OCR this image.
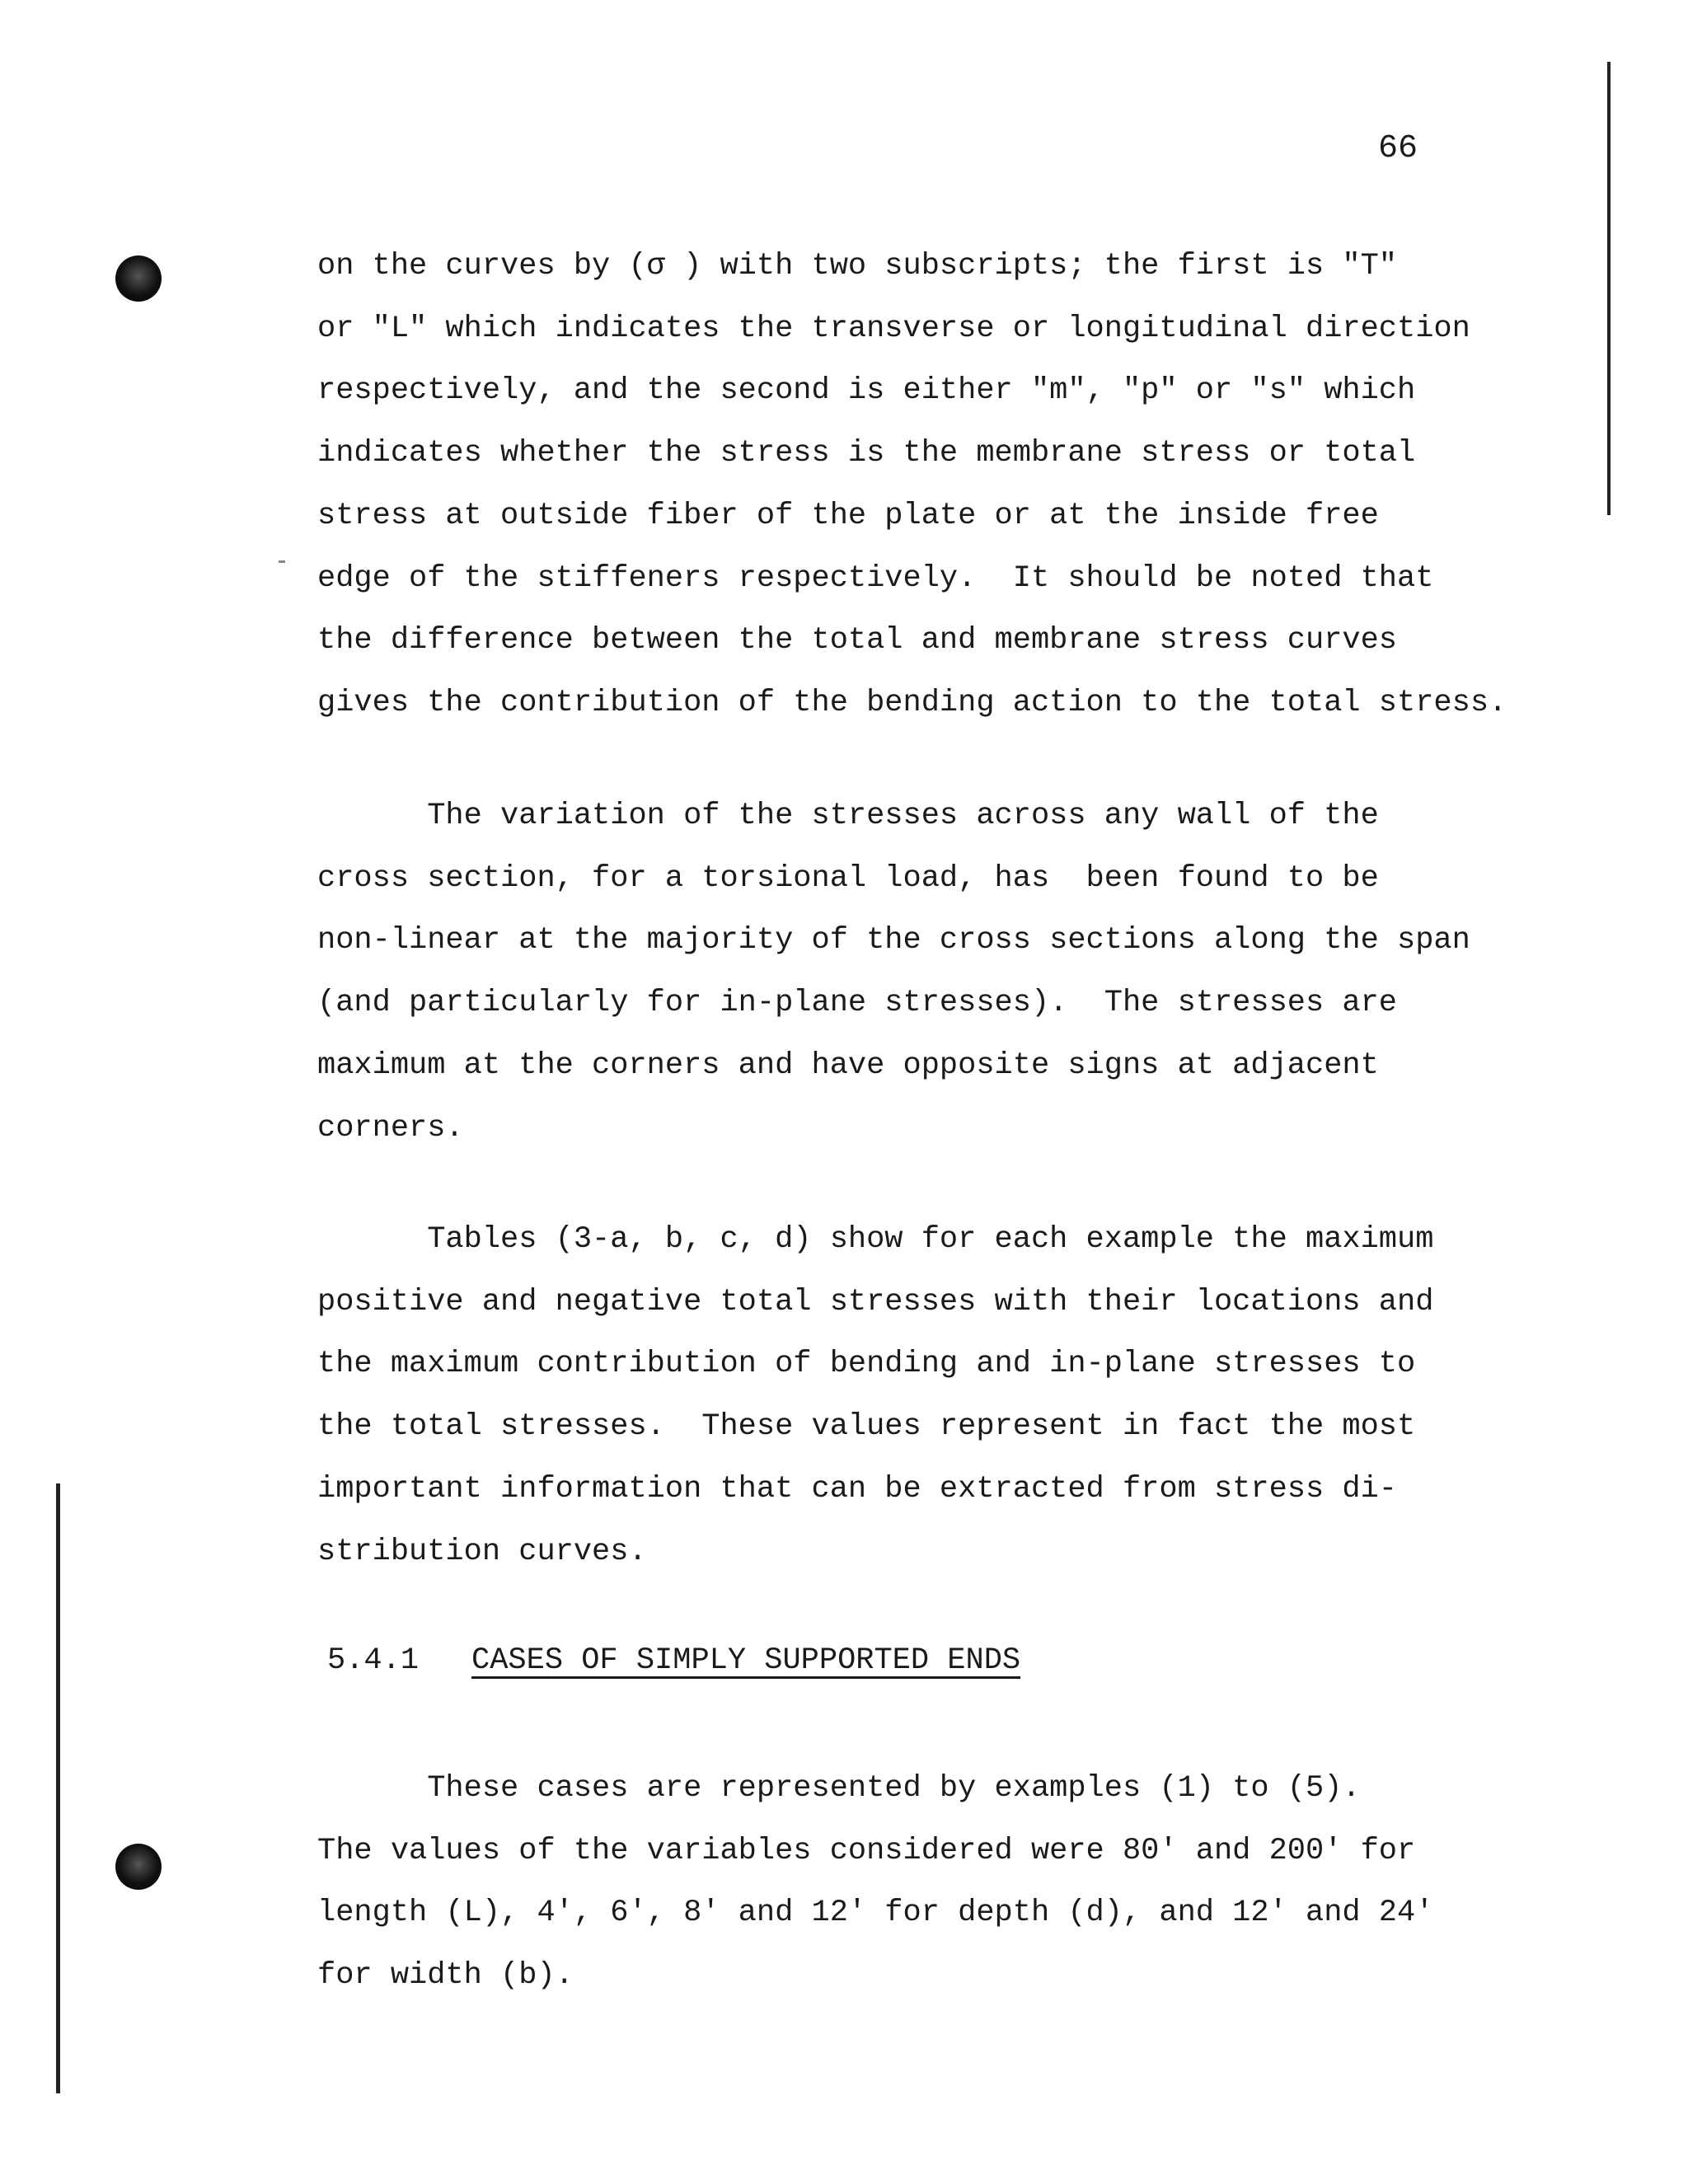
66
on the curves by (σ ) with two subscripts; the first is "T"
or "L" which indicates the transverse or longitudinal direction
respectively, and the second is either "m", "p" or "s" which
indicates whether the stress is the membrane stress or total
stress at outside fiber of the plate or at the inside free
edge of the stiffeners respectively.  It should be noted that
the difference between the total and membrane stress curves
gives the contribution of the bending action to the total stress.
The variation of the stresses across any wall of the
cross section, for a torsional load, has  been found to be
non-linear at the majority of the cross sections along the span
(and particularly for in-plane stresses).  The stresses are
maximum at the corners and have opposite signs at adjacent
corners.
Tables (3-a, b, c, d) show for each example the maximum
positive and negative total stresses with their locations and
the maximum contribution of bending and in-plane stresses to
the total stresses.  These values represent in fact the most
important information that can be extracted from stress di-
stribution curves.
5.4.1 CASES OF SIMPLY SUPPORTED ENDS
These cases are represented by examples (1) to (5).
The values of the variables considered were 80' and 200' for
length (L), 4', 6', 8' and 12' for depth (d), and 12' and 24'
for width (b).
